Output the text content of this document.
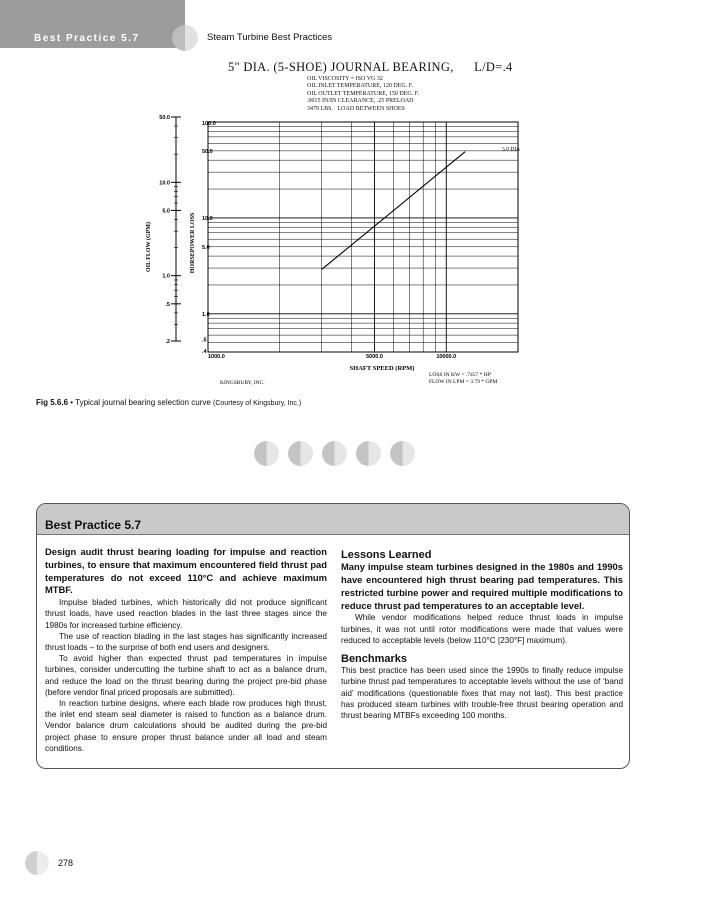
Best Practice 5.7	Steam Turbine Best Practices
5" DIA. (5-SHOE) JOURNAL BEARING,      L/D=.4
OIL VISCOSITY = ISO VG 32
OIL INLET TEMPERATURE, 120 DEG. F.
OIL OUTLET TEMPERATURE, 150 DEG. F.
.0015 IN/IN CLEARANCE, .25 PRELOAD
3479 LBS.   LOAD BETWEEN SHOES
1000.0	5000.0	10000.0
100.0
50.0
10.0
5.0
1.0
.5
.4
50.0
10.0
5.0
1.0
.5
.2
5.0 DIA
SHAFT SPEED (RPM)
HORSEPOWER LOSS
OIL FLOW (GPM)
KINGSBURY, INC.
LOSS IN KW = .7457 * HP
FLOW IN LPM = 3.79 * GPM
Fig 5.6.6 • Typical journal bearing selection curve (Courtesy of Kingsbury, Inc.)
Best Practice 5.7

Design audit thrust bearing loading for impulse and reaction turbines, to ensure that maximum encountered field thrust pad temperatures do not exceed 110°C and achieve maximum MTBF.

Impulse bladed turbines, which historically did not produce significant thrust loads, have used reaction blades in the last three stages since the 1980s for increased turbine efficiency.

The use of reaction blading in the last stages has significantly increased thrust loads – to the surprise of both end users and designers.

To avoid higher than expected thrust pad temperatures in impulse turbines, consider undercutting the turbine shaft to act as a balance drum, and reduce the load on the thrust bearing during the project pre-bid phase (before vendor final priced proposals are submitted).

In reaction turbine designs, where each blade row produces high thrust, the inlet end steam seal diameter is raised to function as a balance drum. Vendor balance drum calculations should be audited during the pre-bid project phase to ensure proper thrust balance under all load and steam conditions.

Lessons Learned

Many impulse steam turbines designed in the 1980s and 1990s have encountered high thrust bearing pad temperatures. This restricted turbine power and required multiple modifications to reduce thrust pad temperatures to an acceptable level.

While vendor modifications helped reduce thrust loads in impulse turbines, it was not until rotor modifications were made that values were reduced to acceptable levels (below 110°C [230°F] maximum).

Benchmarks

This best practice has been used since the 1990s to finally reduce impulse turbine thrust pad temperatures to acceptable levels without the use of ‘band aid’ modifications (questionable fixes that may not last). This best practice has produced steam turbines with trouble-free thrust bearing operation and thrust bearing MTBFs exceeding 100 months.

278
